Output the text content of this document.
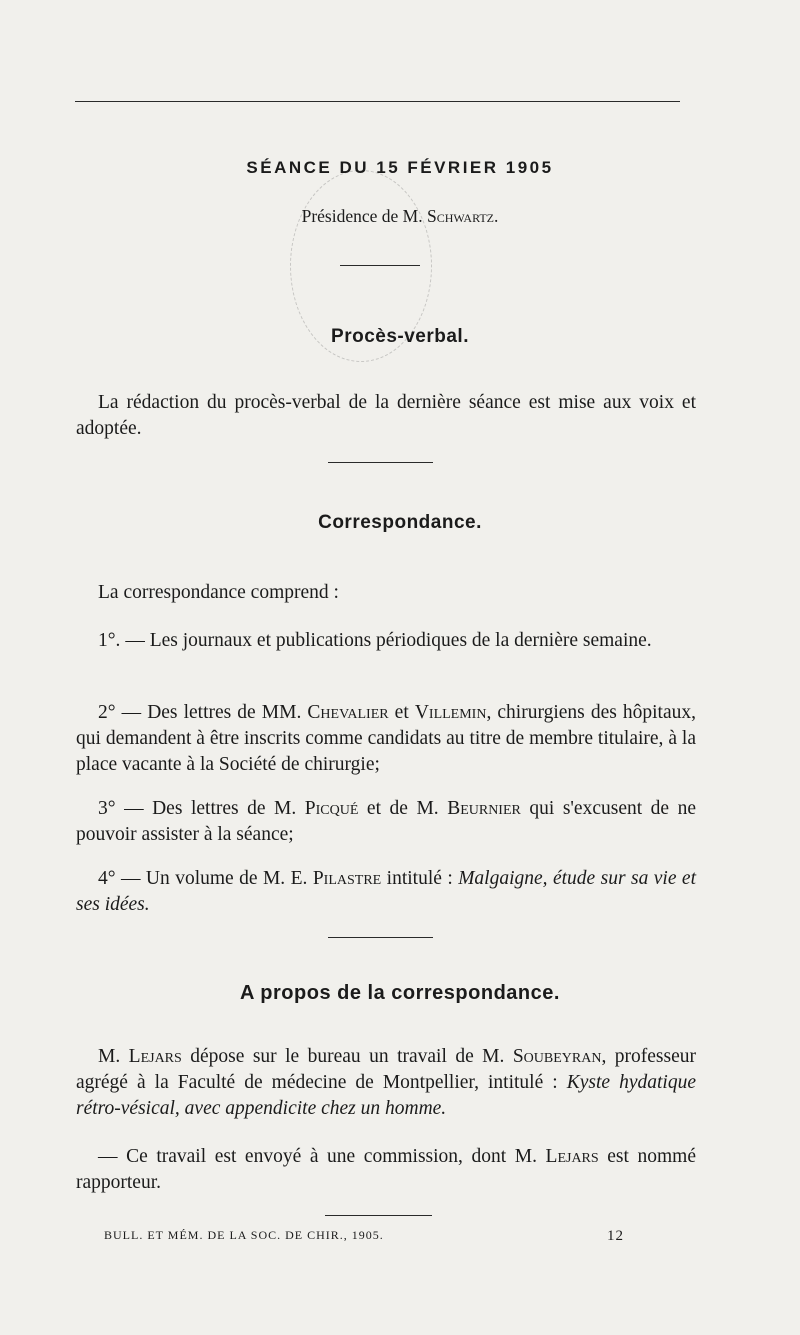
SÉANCE DU 15 FÉVRIER 1905
Présidence de M. Schwartz.
Procès-verbal.

La rédaction du procès-verbal de la dernière séance est mise aux voix et adoptée.

Correspondance.

La correspondance comprend :

1°. — Les journaux et publications périodiques de la dernière semaine.

2° — Des lettres de MM. Chevalier et Villemin, chirurgiens des hôpitaux, qui demandent à être inscrits comme candidats au titre de membre titulaire, à la place vacante à la Société de chirurgie;

3° — Des lettres de M. Picqué et de M. Beurnier qui s'excusent de ne pouvoir assister à la séance;

4° — Un volume de M. E. Pilastre intitulé : Malgaigne, étude sur sa vie et ses idées.

A propos de la correspondance.

M. Lejars dépose sur le bureau un travail de M. Soubeyran, professeur agrégé à la Faculté de médecine de Montpellier, intitulé : Kyste hydatique rétro-vésical, avec appendicite chez un homme.

— Ce travail est envoyé à une commission, dont M. Lejars est nommé rapporteur.

BULL. ET MÉM. DE LA SOC. DE CHIR., 1905.	12
